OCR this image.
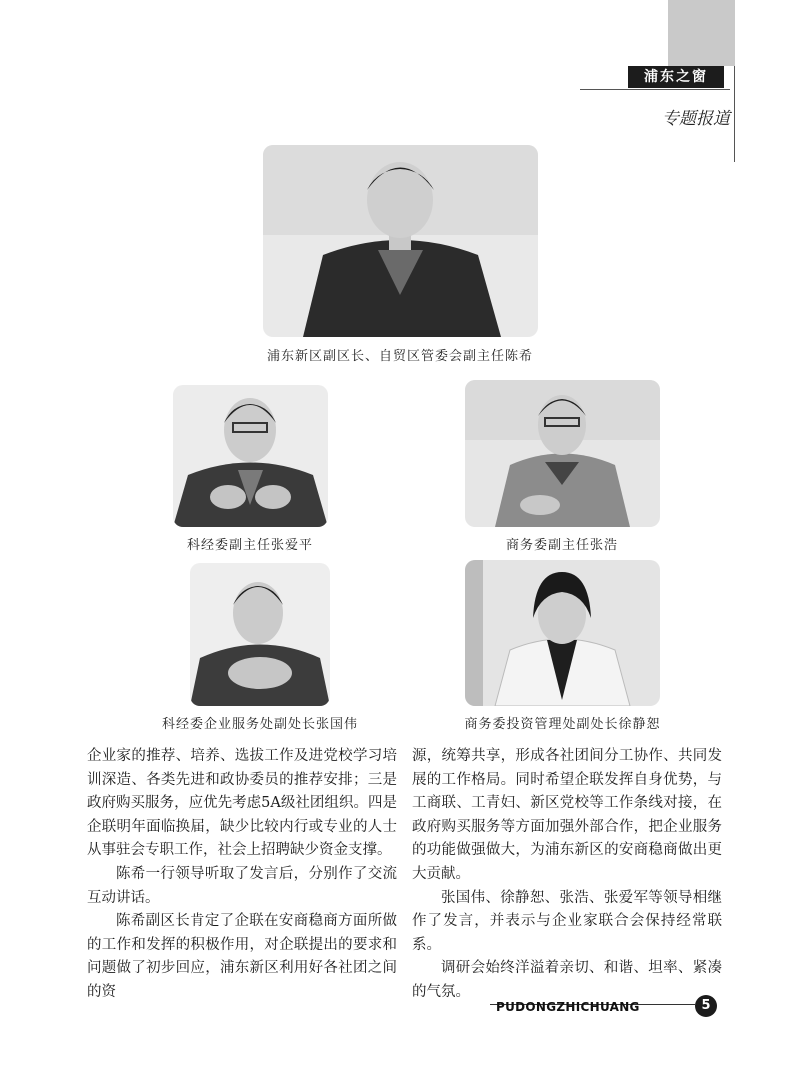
浦东之窗
专题报道
浦东新区副区长、自贸区管委会副主任陈希
科经委副主任张爱平	商务委副主任张浩
科经委企业服务处副处长张国伟	商务委投资管理处副处长徐静恕

企业家的推荐、培养、选拔工作及进党校学习培训深造、各类先进和政协委员的推荐安排；三是政府购买服务，应优先考虑5A级社团组织。四是企联明年面临换届，缺少比较内行或专业的人士从事驻会专职工作，社会上招聘缺少资金支撑。

陈希一行领导听取了发言后，分别作了交流互动讲话。

陈希副区长肯定了企联在安商稳商方面所做的工作和发挥的积极作用，对企联提出的要求和问题做了初步回应，浦东新区利用好各社团之间的资

源，统筹共享，形成各社团间分工协作、共同发展的工作格局。同时希望企联发挥自身优势，与工商联、工青妇、新区党校等工作条线对接，在政府购买服务等方面加强外部合作，把企业服务的功能做强做大，为浦东新区的安商稳商做出更大贡献。

张国伟、徐静恕、张浩、张爱军等领导相继作了发言，并表示与企业家联合会保持经常联系。

调研会始终洋溢着亲切、和谐、坦率、紧凑的气氛。

PUDONGZHICHUANG	5
